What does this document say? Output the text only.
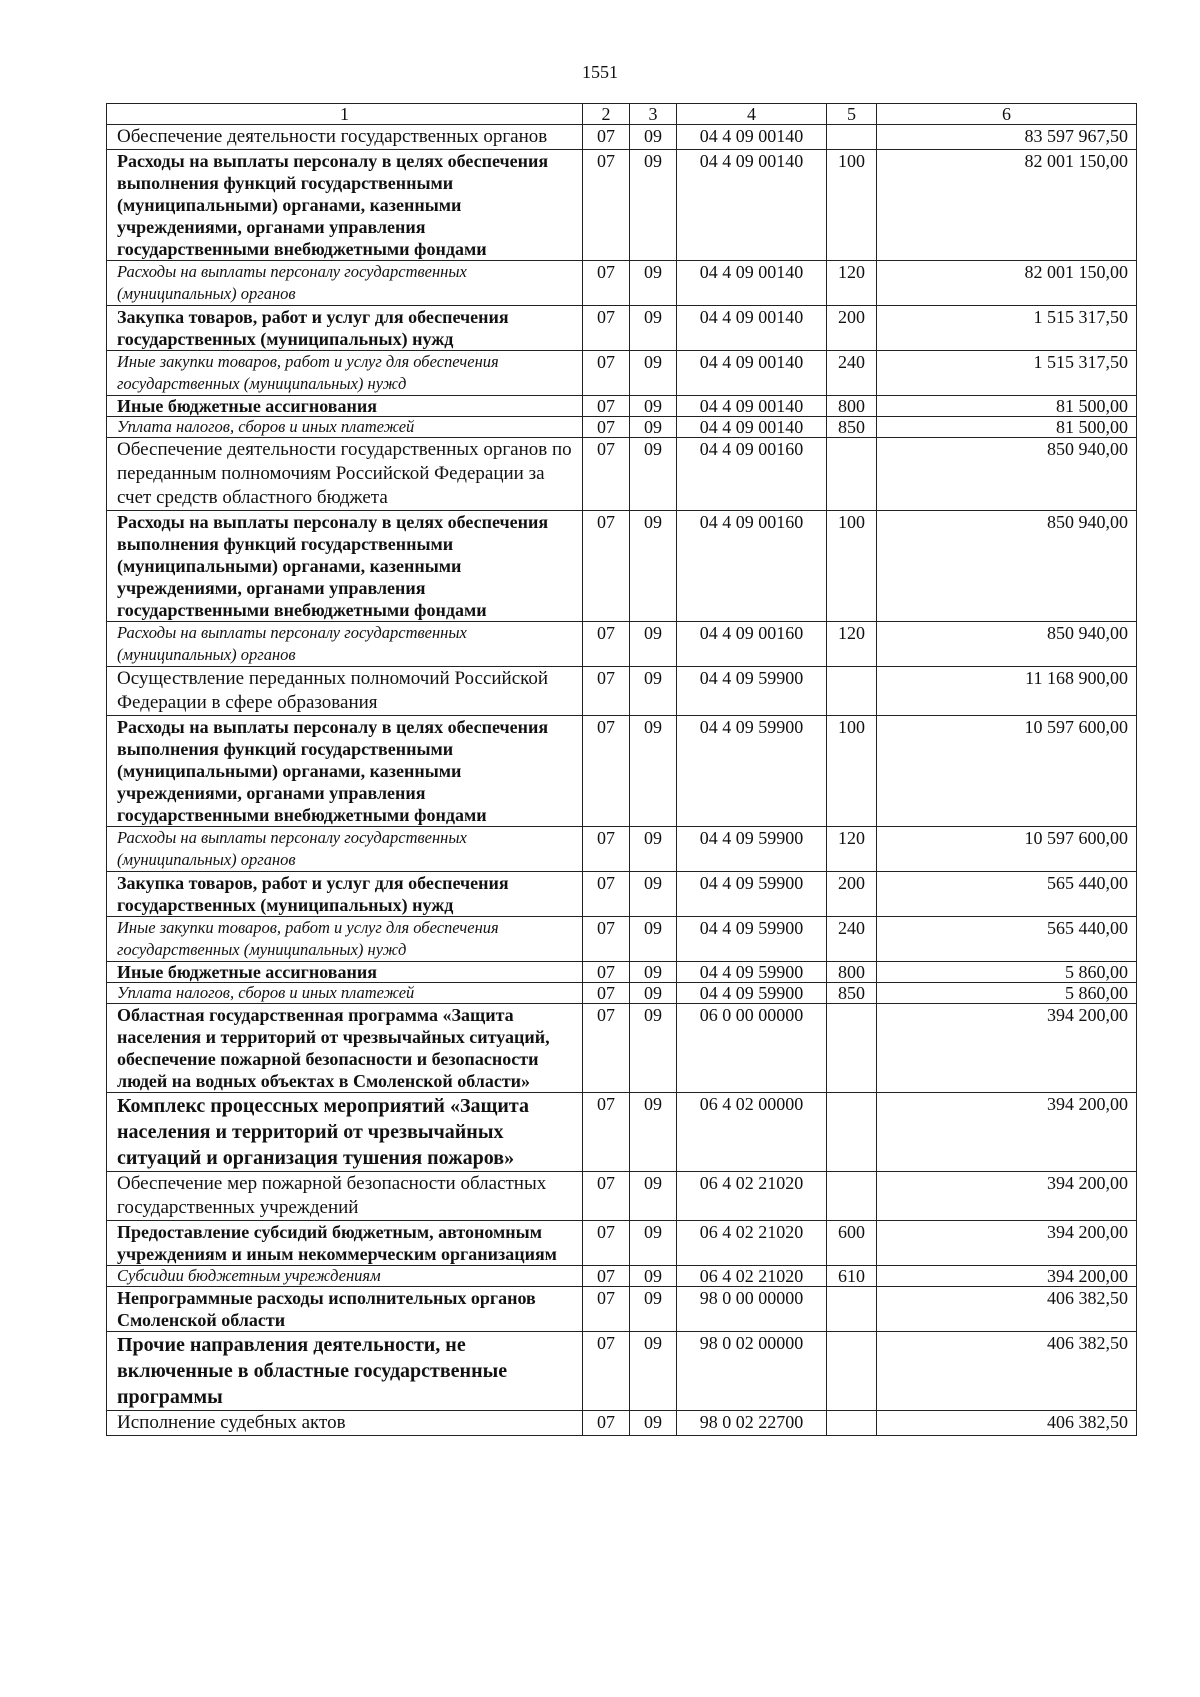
1551
1	2	3	4	5	6
Обеспечение деятельности государственных органов	07	09	04 4 09 00140		83 597 967,50
Расходы на выплаты персоналу в целях обеспечения выполнения функций государственными (муниципальными) органами, казенными учреждениями, органами управления государственными внебюджетными фондами	07	09	04 4 09 00140	100	82 001 150,00
Расходы на выплаты персоналу государственных (муниципальных) органов	07	09	04 4 09 00140	120	82 001 150,00
Закупка товаров, работ и услуг для обеспечения государственных (муниципальных) нужд	07	09	04 4 09 00140	200	1 515 317,50
Иные закупки товаров, работ и услуг для обеспечения государственных (муниципальных) нужд	07	09	04 4 09 00140	240	1 515 317,50
Иные бюджетные ассигнования	07	09	04 4 09 00140	800	81 500,00
Уплата налогов, сборов и иных платежей	07	09	04 4 09 00140	850	81 500,00
Обеспечение деятельности государственных органов по переданным полномочиям Российской Федерации за счет средств областного бюджета	07	09	04 4 09 00160		850 940,00
Расходы на выплаты персоналу в целях обеспечения выполнения функций государственными (муниципальными) органами, казенными учреждениями, органами управления государственными внебюджетными фондами	07	09	04 4 09 00160	100	850 940,00
Расходы на выплаты персоналу государственных (муниципальных) органов	07	09	04 4 09 00160	120	850 940,00
Осуществление переданных полномочий Российской Федерации в сфере образования	07	09	04 4 09 59900		11 168 900,00
Расходы на выплаты персоналу в целях обеспечения выполнения функций государственными (муниципальными) органами, казенными учреждениями, органами управления государственными внебюджетными фондами	07	09	04 4 09 59900	100	10 597 600,00
Расходы на выплаты персоналу государственных (муниципальных) органов	07	09	04 4 09 59900	120	10 597 600,00
Закупка товаров, работ и услуг для обеспечения государственных (муниципальных) нужд	07	09	04 4 09 59900	200	565 440,00
Иные закупки товаров, работ и услуг для обеспечения государственных (муниципальных) нужд	07	09	04 4 09 59900	240	565 440,00
Иные бюджетные ассигнования	07	09	04 4 09 59900	800	5 860,00
Уплата налогов, сборов и иных платежей	07	09	04 4 09 59900	850	5 860,00
Областная государственная программа «Защита населения и территорий от чрезвычайных ситуаций, обеспечение пожарной безопасности и безопасности людей на водных объектах в Смоленской области»	07	09	06 0 00 00000		394 200,00
Комплекс процессных мероприятий «Защита населения и территорий от чрезвычайных ситуаций и организация тушения пожаров»	07	09	06 4 02 00000		394 200,00
Обеспечение мер пожарной безопасности областных государственных учреждений	07	09	06 4 02 21020		394 200,00
Предоставление субсидий бюджетным, автономным учреждениям и иным некоммерческим организациям	07	09	06 4 02 21020	600	394 200,00
Субсидии бюджетным учреждениям	07	09	06 4 02 21020	610	394 200,00
Непрограммные расходы исполнительных органов Смоленской области	07	09	98 0 00 00000		406 382,50
Прочие направления деятельности, не включенные в областные государственные программы	07	09	98 0 02 00000		406 382,50
Исполнение судебных актов	07	09	98 0 02 22700		406 382,50
